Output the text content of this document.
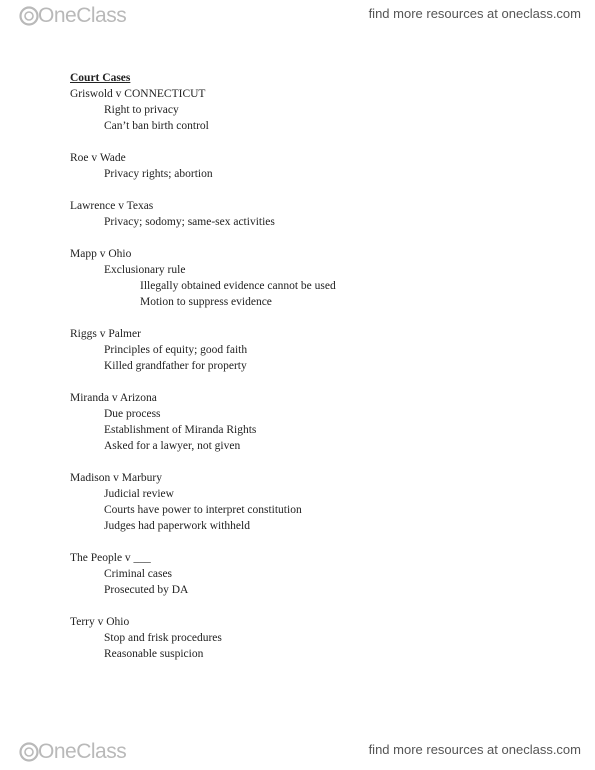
OneClass	find more resources at oneclass.com
Court Cases
Griswold v CONNECTICUT
Right to privacy
Can’t ban birth control
Roe v Wade
Privacy rights; abortion
Lawrence v Texas
Privacy; sodomy; same-sex activities
Mapp v Ohio
Exclusionary rule
Illegally obtained evidence cannot be used
Motion to suppress evidence
Riggs v Palmer
Principles of equity; good faith
Killed grandfather for property
Miranda v Arizona
Due process
Establishment of Miranda Rights
Asked for a lawyer, not given
Madison v Marbury
Judicial review
Courts have power to interpret constitution
Judges had paperwork withheld
The People v ___
Criminal cases
Prosecuted by DA
Terry v Ohio
Stop and frisk procedures
Reasonable suspicion
OneClass	find more resources at oneclass.com
